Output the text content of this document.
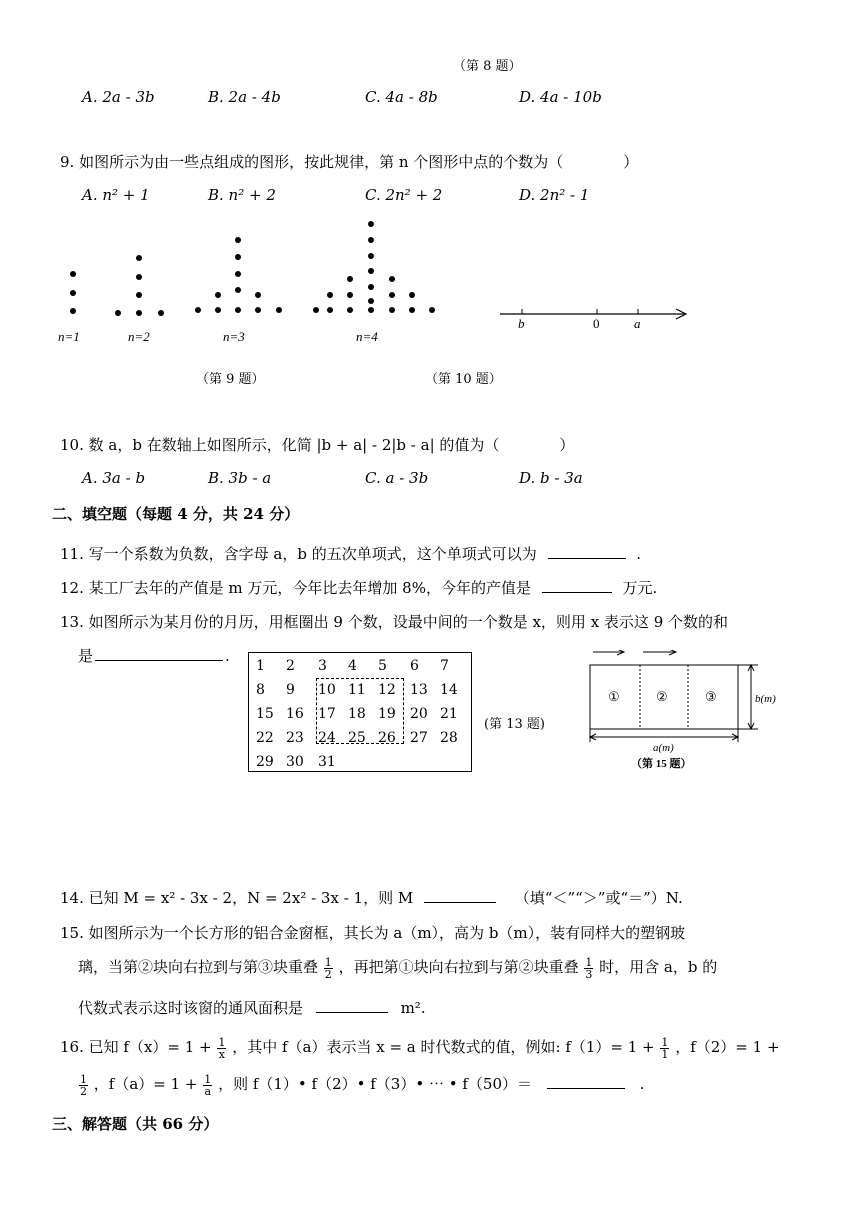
（第 8 题）
A. 2a - 3b	B. 2a - 4b	C. 4a - 8b	D. 4a - 10b
9. 如图所示为由一些点组成的图形，按此规律，第 n 个图形中点的个数为（　　　　）
A. n² + 1	B. n² + 2	C. 2n² + 2	D. 2n² - 1
n=1	n=2	n=3	n=4
b	0	a
（第 9 题）	（第 10 题）
10. 数 a，b 在数轴上如图所示，化简 |b + a| - 2|b - a| 的值为（　　　　）
A. 3a - b	B. 3b - a	C. a - 3b	D. b - 3a
二、填空题（每题 4 分，共 24 分）
11. 写一个系数为负数，含字母 a，b 的五次单项式，这个单项式可以为	.
12. 某工厂去年的产值是 m 万元，今年比去年增加 8%，今年的产值是	万元.
13. 如图所示为某月份的月历，用框圈出 9 个数，设最中间的一个数是 x，则用 x 表示这 9 个数的和
是	.
1 2 3 4 5 6 7
8 9 10 11 12 13 14
15 16 17 18 19 20 21
22 23 24 25 26 27 28
29 30 31
(第 13 题)
①	②	③	b(m)
a(m)
（第 15 题）
14. 已知 M = x² - 3x - 2，N = 2x² - 3x - 1，则 M	（填“＜”“＞”或“＝”）N.
15. 如图所示为一个长方形的铝合金窗框，其长为 a（m），高为 b（m），装有同样大的塑钢玻
璃，当第②块向右拉到与第③块重叠 $\frac{1}{2}$ ，再把第①块向右拉到与第②块重叠 $\frac{1}{3}$ 时，用含 a，b 的
代数式表示这时该窗的通风面积是	m².
16. 已知 $f(x)= 1 + \frac{1}{x}$ ，其中 f（a）表示当 x = a 时代数式的值，例如: $f(1)= 1 + \frac{1}{1}$ ，f（2）= 1 +
$\frac{1}{2}$ ，$f(a)= 1 + \frac{1}{a}$ ，则 f（1）• f（2）• f（3）• ⋯ • f（50）＝	.
三、解答题（共 66 分）
